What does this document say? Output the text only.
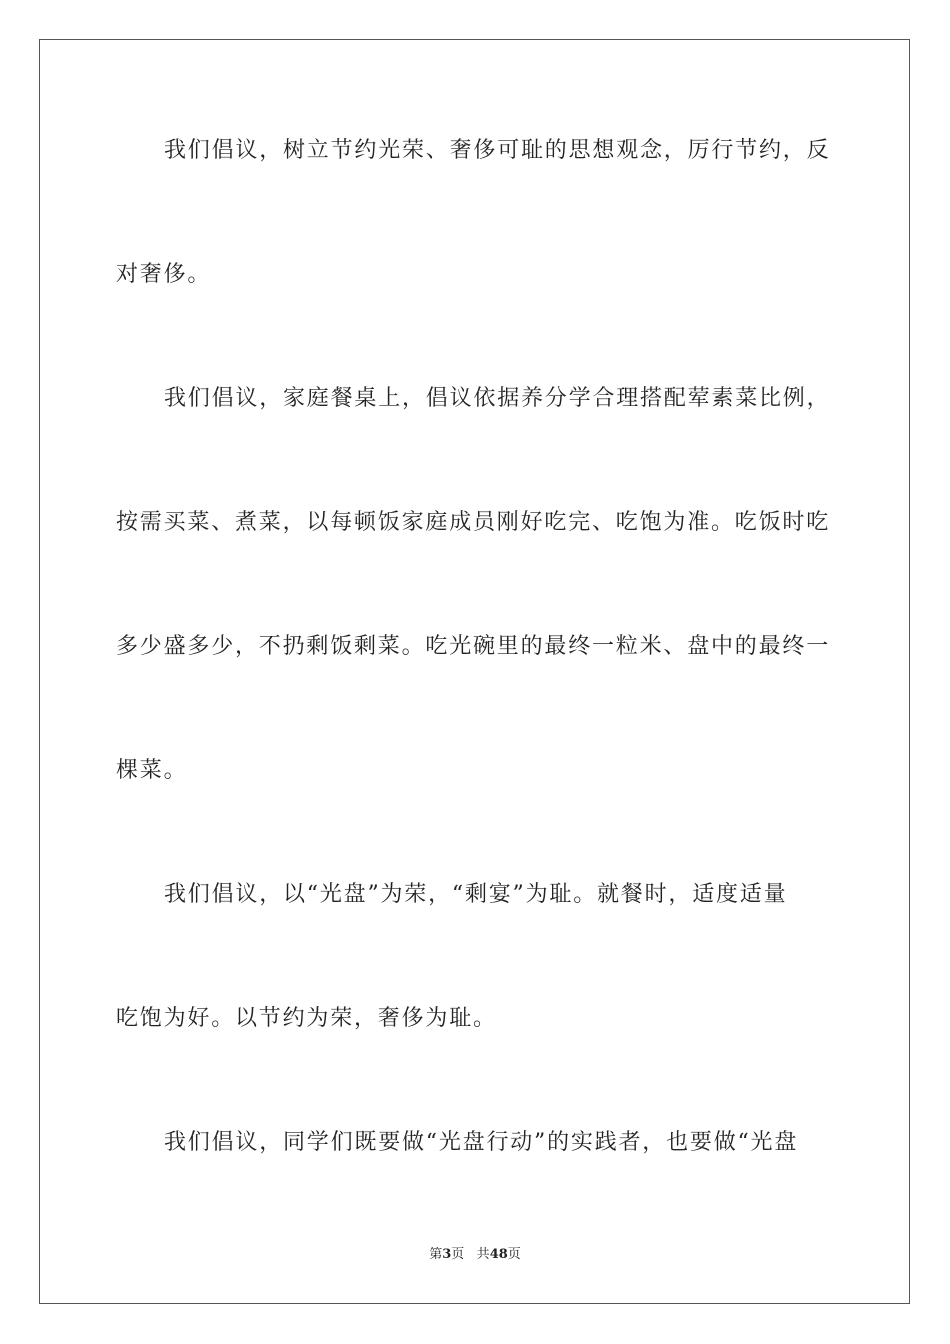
我们倡议，树立节约光荣、奢侈可耻的思想观念，厉行节约，反
对奢侈。
我们倡议，家庭餐桌上，倡议依据养分学合理搭配荤素菜比例，
按需买菜、煮菜，以每顿饭家庭成员刚好吃完、吃饱为准。吃饭时吃
多少盛多少，不扔剩饭剩菜。吃光碗里的最终一粒米、盘中的最终一
棵菜。
我们倡议，以“光盘”为荣，“剩宴”为耻。就餐时，适度适量
吃饱为好。以节约为荣，奢侈为耻。
我们倡议，同学们既要做“光盘行动”的实践者，也要做“光盘
第3页 共48页
